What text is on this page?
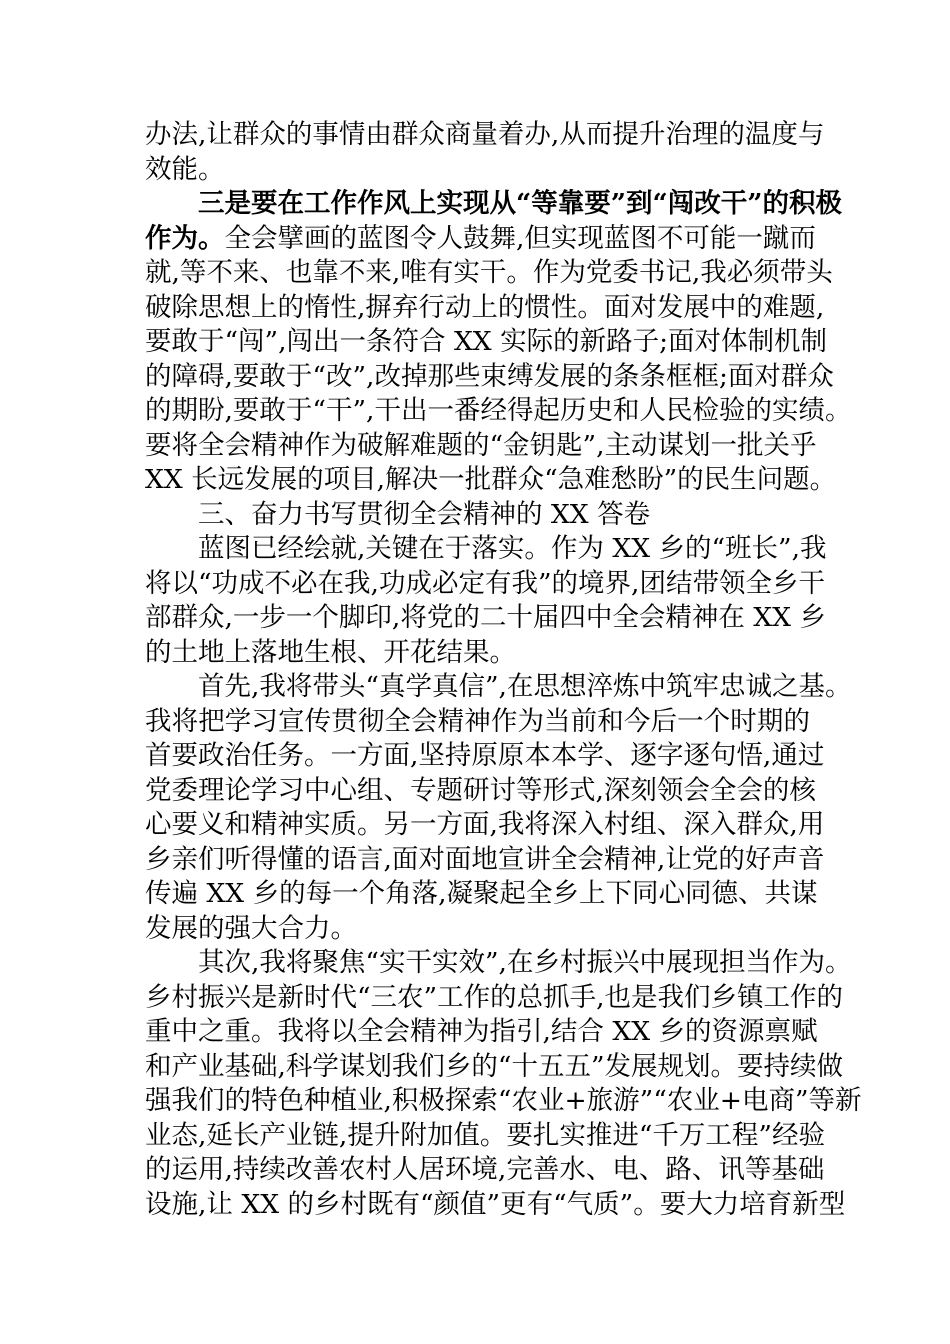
办法,让群众的事情由群众商量着办,从而提升治理的温度与
效能。
三是要在工作作风上实现从“等靠要”到“闯改干”的积极
作为。全会擘画的蓝图令人鼓舞,但实现蓝图不可能一蹴而
就,等不来、也靠不来,唯有实干。作为党委书记,我必须带头
破除思想上的惰性,摒弃行动上的惯性。面对发展中的难题,
要敢于“闯”,闯出一条符合 XX 实际的新路子;面对体制机制
的障碍,要敢于“改”,改掉那些束缚发展的条条框框;面对群众
的期盼,要敢于“干”,干出一番经得起历史和人民检验的实绩。
要将全会精神作为破解难题的“金钥匙”,主动谋划一批关乎
XX 长远发展的项目,解决一批群众“急难愁盼”的民生问题。
三、奋力书写贯彻全会精神的 XX 答卷
蓝图已经绘就,关键在于落实。作为 XX 乡的“班长”,我
将以“功成不必在我,功成必定有我”的境界,团结带领全乡干
部群众,一步一个脚印,将党的二十届四中全会精神在 XX 乡
的土地上落地生根、开花结果。
首先,我将带头“真学真信”,在思想淬炼中筑牢忠诚之基。
我将把学习宣传贯彻全会精神作为当前和今后一个时期的
首要政治任务。一方面,坚持原原本本学、逐字逐句悟,通过
党委理论学习中心组、专题研讨等形式,深刻领会全会的核
心要义和精神实质。另一方面,我将深入村组、深入群众,用
乡亲们听得懂的语言,面对面地宣讲全会精神,让党的好声音
传遍 XX 乡的每一个角落,凝聚起全乡上下同心同德、共谋
发展的强大合力。
其次,我将聚焦“实干实效”,在乡村振兴中展现担当作为。
乡村振兴是新时代“三农”工作的总抓手,也是我们乡镇工作的
重中之重。我将以全会精神为指引,结合 XX 乡的资源禀赋
和产业基础,科学谋划我们乡的“十五五”发展规划。要持续做
强我们的特色种植业,积极探索“农业+旅游”“农业+电商”等新
业态,延长产业链,提升附加值。要扎实推进“千万工程”经验
的运用,持续改善农村人居环境,完善水、电、路、讯等基础
设施,让 XX 的乡村既有“颜值”更有“气质”。要大力培育新型
